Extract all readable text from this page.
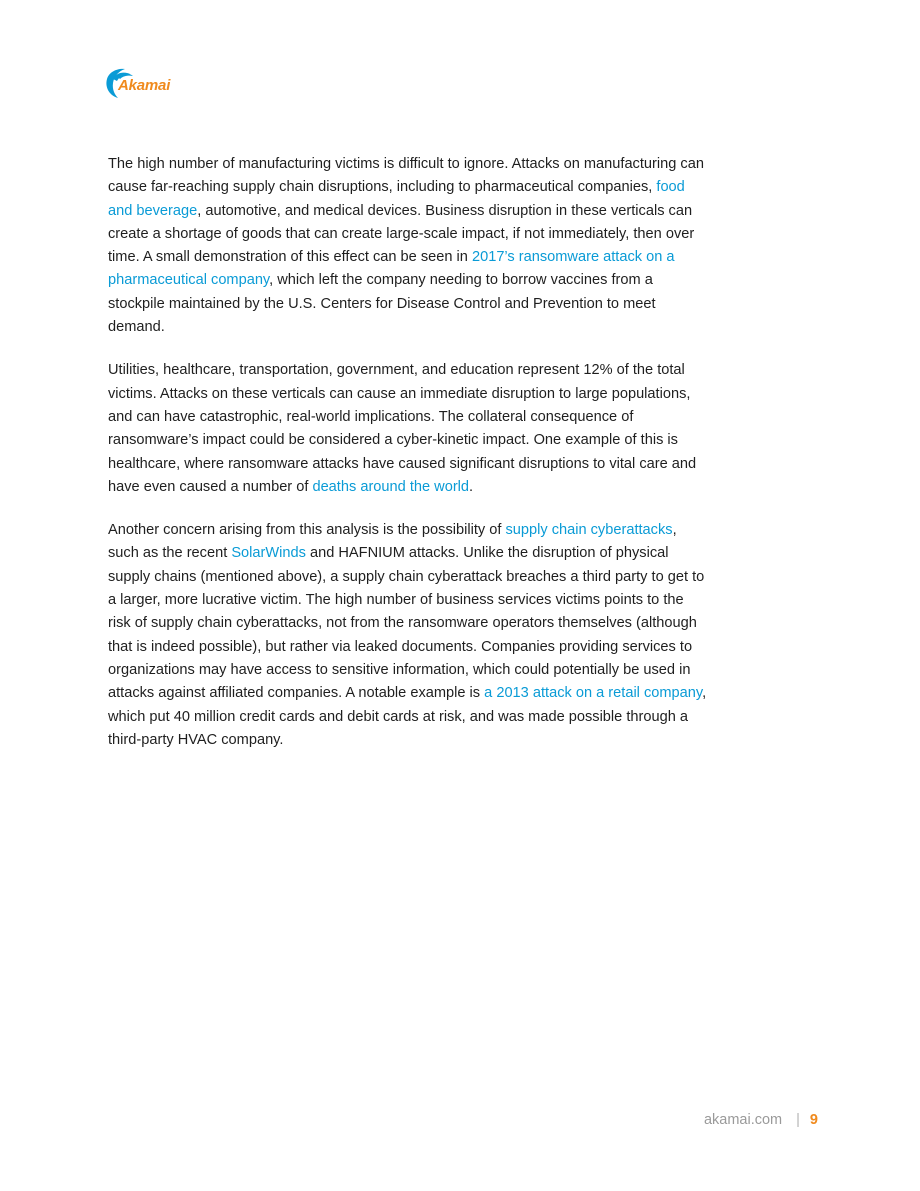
Akamai

The high number of manufacturing victims is difficult to ignore. Attacks on manufacturing can cause far-reaching supply chain disruptions, including to pharmaceutical companies, food and beverage, automotive, and medical devices. Business disruption in these verticals can create a shortage of goods that can create large-scale impact, if not immediately, then over time. A small demonstration of this effect can be seen in 2017’s ransomware attack on a pharmaceutical company, which left the company needing to borrow vaccines from a stockpile maintained by the U.S. Centers for Disease Control and Prevention to meet demand.

Utilities, healthcare, transportation, government, and education represent 12% of the total victims. Attacks on these verticals can cause an immediate disruption to large populations, and can have catastrophic, real-world implications. The collateral consequence of ransomware’s impact could be considered a cyber-kinetic impact. One example of this is healthcare, where ransomware attacks have caused significant disruptions to vital care and have even caused a number of deaths around the world.

Another concern arising from this analysis is the possibility of supply chain cyberattacks, such as the recent SolarWinds and HAFNIUM attacks. Unlike the disruption of physical supply chains (mentioned above), a supply chain cyberattack breaches a third party to get to a larger, more lucrative victim. The high number of business services victims points to the risk of supply chain cyberattacks, not from the ransomware operators themselves (although that is indeed possible), but rather via leaked documents. Companies providing services to organizations may have access to sensitive information, which could potentially be used in attacks against affiliated companies. A notable example is a 2013 attack on a retail company, which put 40 million credit cards and debit cards at risk, and was made possible through a third-party HVAC company.

akamai.com | 9
